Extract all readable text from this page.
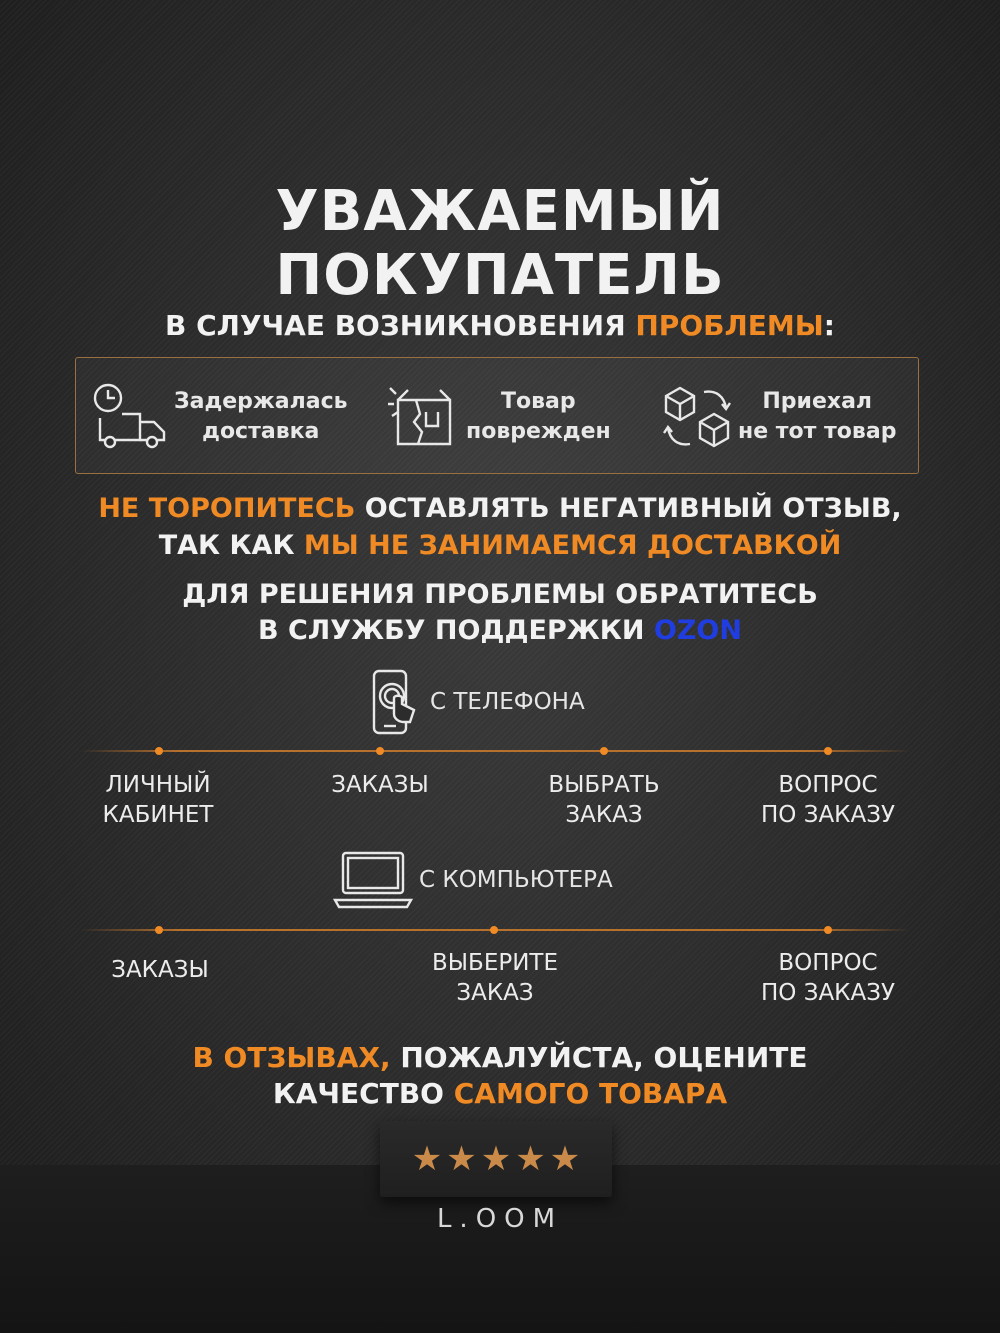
УВАЖАЕМЫЙ
ПОКУПАТЕЛЬ
В СЛУЧАЕ ВОЗНИКНОВЕНИЯ ПРОБЛЕМЫ:
Задержалась
доставка
Товар
поврежден
Приехал
не тот товар
НЕ ТОРОПИТЕСЬ ОСТАВЛЯТЬ НЕГАТИВНЫЙ ОТЗЫВ,
ТАК КАК МЫ НЕ ЗАНИМАЕМСЯ ДОСТАВКОЙ
ДЛЯ РЕШЕНИЯ ПРОБЛЕМЫ ОБРАТИТЕСЬ
В СЛУЖБУ ПОДДЕРЖКИ OZON
С ТЕЛЕФОНА
ЛИЧНЫЙ
КАБИНЕТ
ЗАКАЗЫ	ВЫБРАТЬ
ЗАКАЗ
ВОПРОС
ПО ЗАКАЗУ
С КОМПЬЮТЕРА
ЗАКАЗЫ	ВЫБЕРИТЕ
ЗАКАЗ
ВОПРОС
ПО ЗАКАЗУ
В ОТЗЫВАХ, ПОЖАЛУЙСТА, ОЦЕНИТЕ
КАЧЕСТВО САМОГО ТОВАРА
★ ★ ★ ★ ★
L.OOM
